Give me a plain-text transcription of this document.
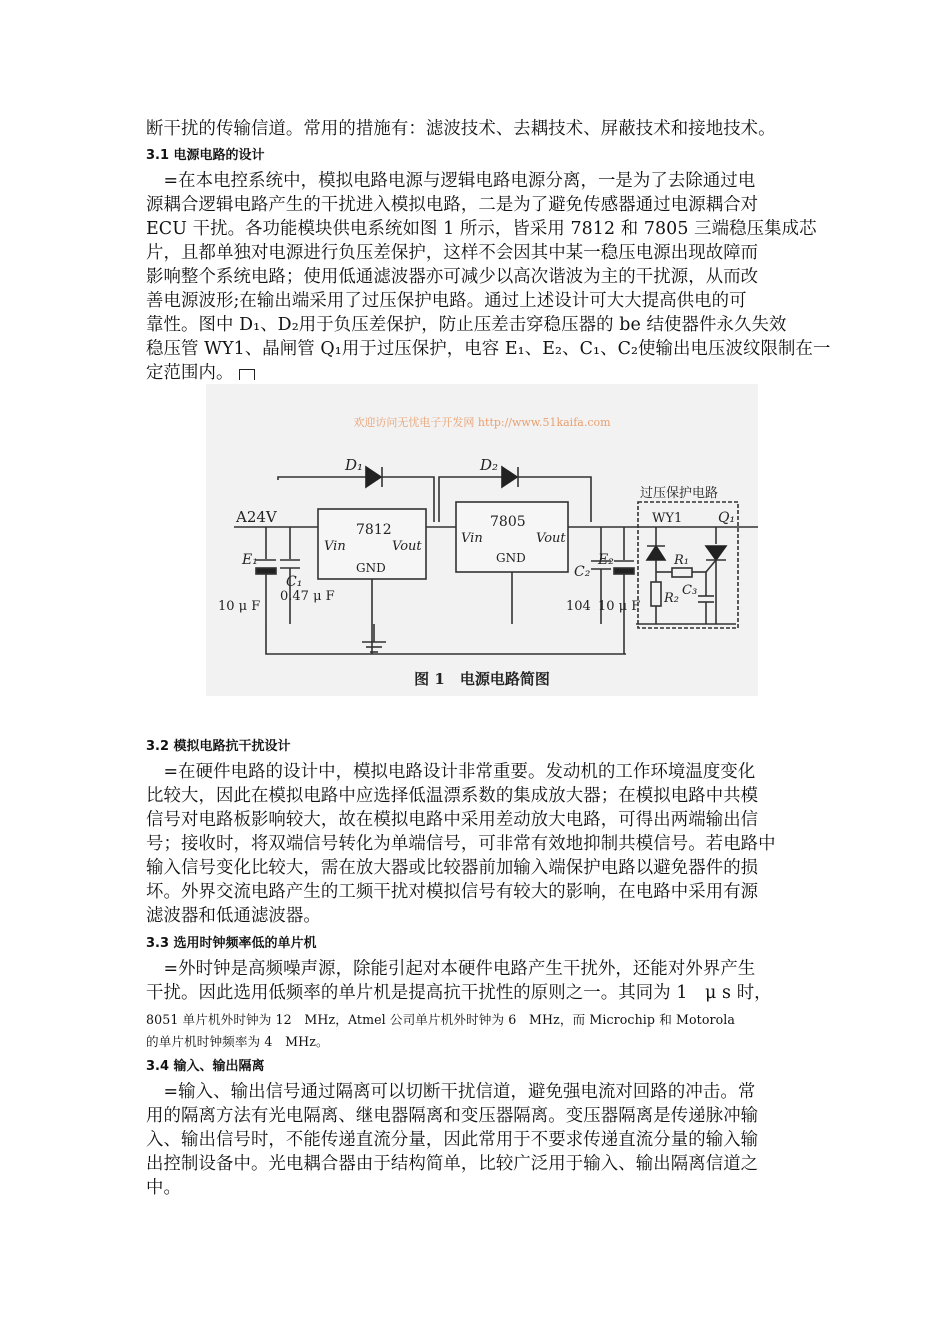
断干扰的传输信道。常用的措施有：滤波技术、去耦技术、屏蔽技术和接地技术。
3.1 电源电路的设计
　=在本电控系统中，模拟电路电源与逻辑电路电源分离，一是为了去除通过电
源耦合逻辑电路产生的干扰进入模拟电路，二是为了避免传感器通过电源耦合对
ECU 干扰。各功能模块供电系统如图 1 所示，皆采用 7812 和 7805 三端稳压集成芯
片，且都单独对电源进行负压差保护，这样不会因其中某一稳压电源出现故障而
影响整个系统电路；使用低通滤波器亦可减少以高次谐波为主的干扰源，从而改
善电源波形;在输出端采用了过压保护电路。通过上述设计可大大提高供电的可
靠性。图中 D₁、D₂用于负压差保护，防止压差击穿稳压器的 be 结使器件永久失效
稳压管 WY1、晶闸管 Q₁用于过压保护，电容 E₁、E₂、C₁、C₂使输出电压波纹限制在一
定范围内。
3.2 模拟电路抗干扰设计
　=在硬件电路的设计中，模拟电路设计非常重要。发动机的工作环境温度变化
比较大，因此在模拟电路中应选择低温漂系数的集成放大器；在模拟电路中共模
信号对电路板影响较大，故在模拟电路中采用差动放大电路，可得出两端输出信
号；接收时，将双端信号转化为单端信号，可非常有效地抑制共模信号。若电路中
输入信号变化比较大，需在放大器或比较器前加输入端保护电路以避免器件的损
坏。外界交流电路产生的工频干扰对模拟信号有较大的影响，在电路中采用有源
滤波器和低通滤波器。
3.3 选用时钟频率低的单片机
　=外时钟是高频噪声源，除能引起对本硬件电路产生干扰外，还能对外界产生
干扰。因此选用低频率的单片机是提高抗干扰性的原则之一。其同为 1　μ s 时，
8051 单片机外时钟为 12　MHz，Atmel 公司单片机外时钟为 6　MHz，而 Microchip 和 Motorola
的单片机时钟频率为 4　MHz。
3.4 输入、输出隔离
　=输入、输出信号通过隔离可以切断干扰信道，避免强电流对回路的冲击。常
用的隔离方法有光电隔离、继电器隔离和变压器隔离。变压器隔离是传递脉冲输
入、输出信号时，不能传递直流分量，因此常用于不要求传递直流分量的输入输
出控制设备中。光电耦合器由于结构简单，比较广泛用于输入、输出隔离信道之
中。
欢迎访问无忧电子开发网 http://www.51kaifa.com
D₁	D₂
A24V
7812
Vin	Vout
GND
7805
Vin	Vout
GND
E₁
C₁
10 μ F
0.47 μ F
C₂
E₂
104 10 μ F
过压保护电路
WY1	Q₁
R₁
R₂
C₃
图 1　电源电路简图
